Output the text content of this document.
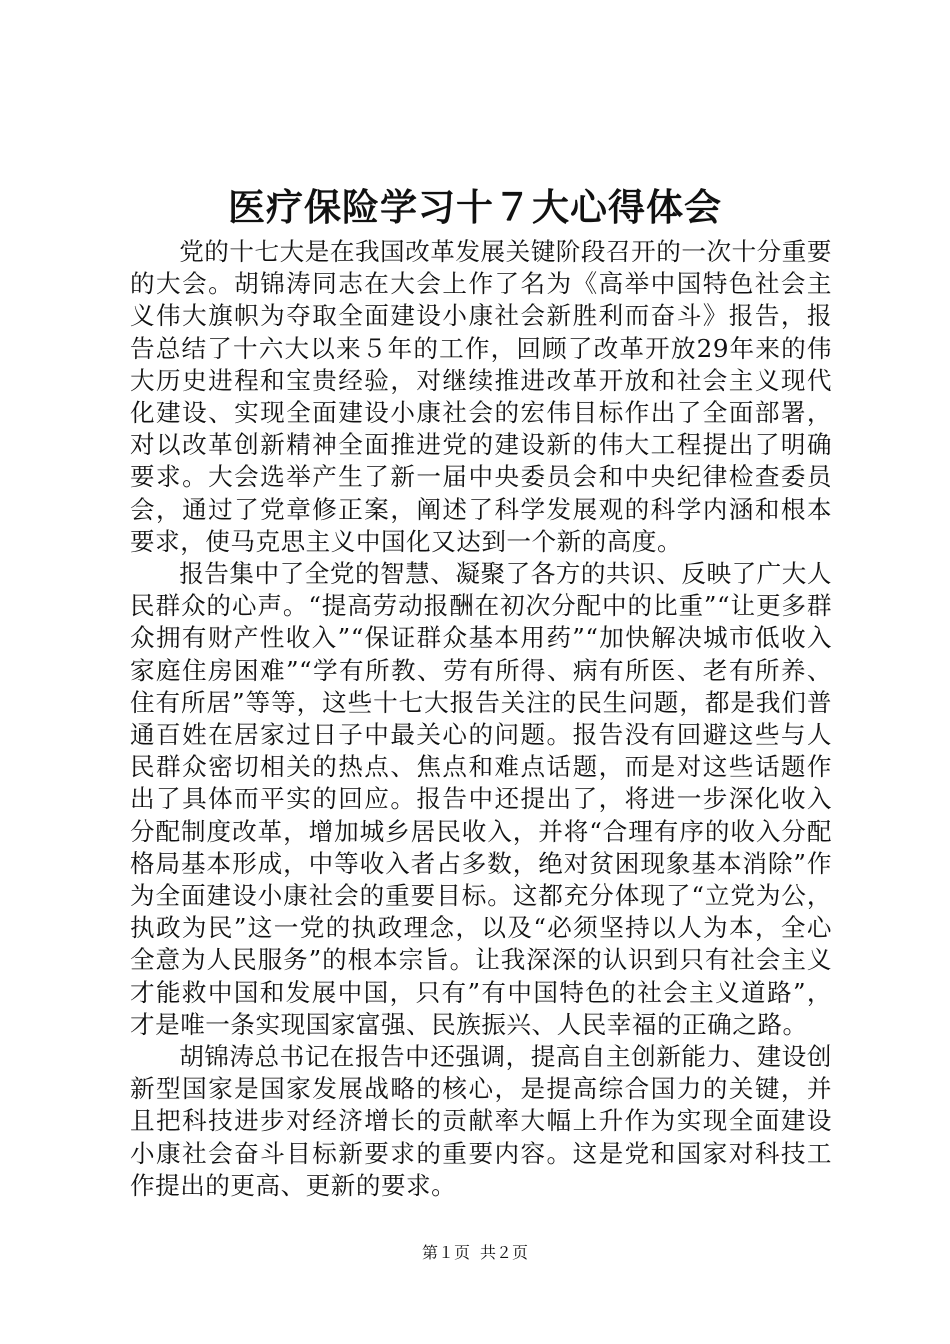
医疗保险学习十７大心得体会

党的十七大是在我国改革发展关键阶段召开的一次十分重要的大会。胡锦涛同志在大会上作了名为《高举中国特色社会主义伟大旗帜为夺取全面建设小康社会新胜利而奋斗》报告，报告总结了十六大以来５年的工作，回顾了改革开放29年来的伟大历史进程和宝贵经验，对继续推进改革开放和社会主义现代化建设、实现全面建设小康社会的宏伟目标作出了全面部署，对以改革创新精神全面推进党的建设新的伟大工程提出了明确要求。大会选举产生了新一届中央委员会和中央纪律检查委员会，通过了党章修正案，阐述了科学发展观的科学内涵和根本要求，使马克思主义中国化又达到一个新的高度。

报告集中了全党的智慧、凝聚了各方的共识、反映了广大人民群众的心声。“提高劳动报酬在初次分配中的比重”“让更多群众拥有财产性收入”“保证群众基本用药”“加快解决城市低收入家庭住房困难”“学有所教、劳有所得、病有所医、老有所养、住有所居”等等，这些十七大报告关注的民生问题，都是我们普通百姓在居家过日子中最关心的问题。报告没有回避这些与人民群众密切相关的热点、焦点和难点话题，而是对这些话题作出了具体而平实的回应。报告中还提出了，将进一步深化收入分配制度改革，增加城乡居民收入，并将“合理有序的收入分配格局基本形成，中等收入者占多数，绝对贫困现象基本消除”作为全面建设小康社会的重要目标。这都充分体现了“立党为公，执政为民”这一党的执政理念，以及“必须坚持以人为本，全心全意为人民服务”的根本宗旨。让我深深的认识到只有社会主义才能救中国和发展中国，只有”有中国特色的社会主义道路”，才是唯一条实现国家富强、民族振兴、人民幸福的正确之路。

胡锦涛总书记在报告中还强调，提高自主创新能力、建设创新型国家是国家发展战略的核心，是提高综合国力的关键，并且把科技进步对经济增长的贡献率大幅上升作为实现全面建设小康社会奋斗目标新要求的重要内容。这是党和国家对科技工作提出的更高、更新的要求。

第１页 共２页
